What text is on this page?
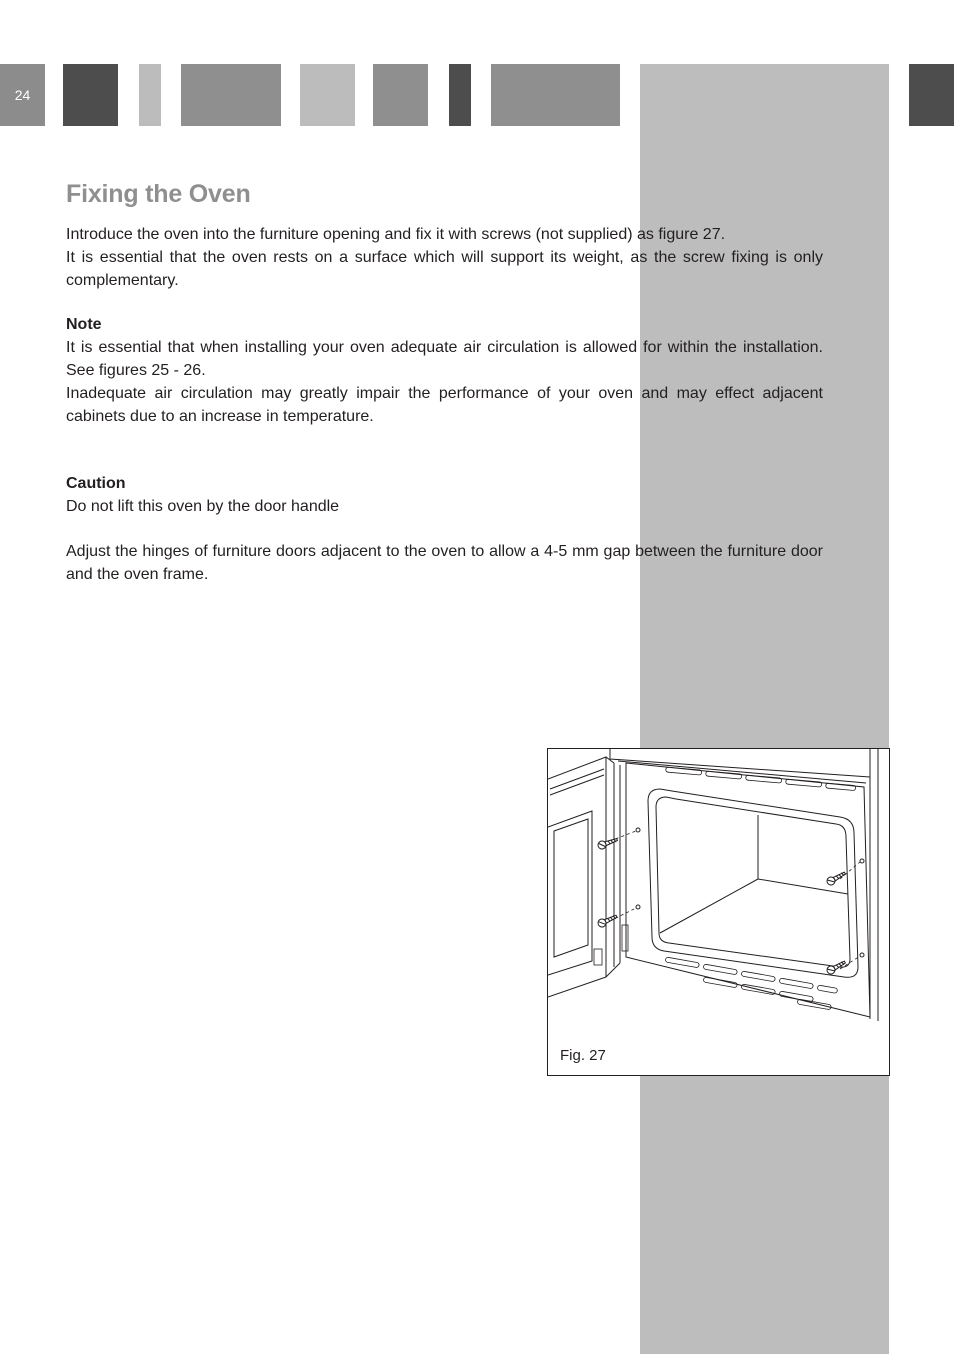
24
Fixing the Oven

Introduce the oven into the furniture opening and fix it with screws (not supplied) as figure 27.

It is essential that the oven rests on a surface which will support its weight, as the screw fixing is only complementary.

Note

It is essential that when installing your oven adequate air circulation is allowed for within the installation. See figures 25 - 26.

Inadequate air circulation may greatly impair the performance of your oven and may effect adjacent cabinets due to an increase in temperature.

Caution

Do not lift this oven by the door handle

Adjust the hinges of furniture doors adjacent to the oven to allow a 4-5 mm gap between the furniture door and the oven frame.

Fig. 27
